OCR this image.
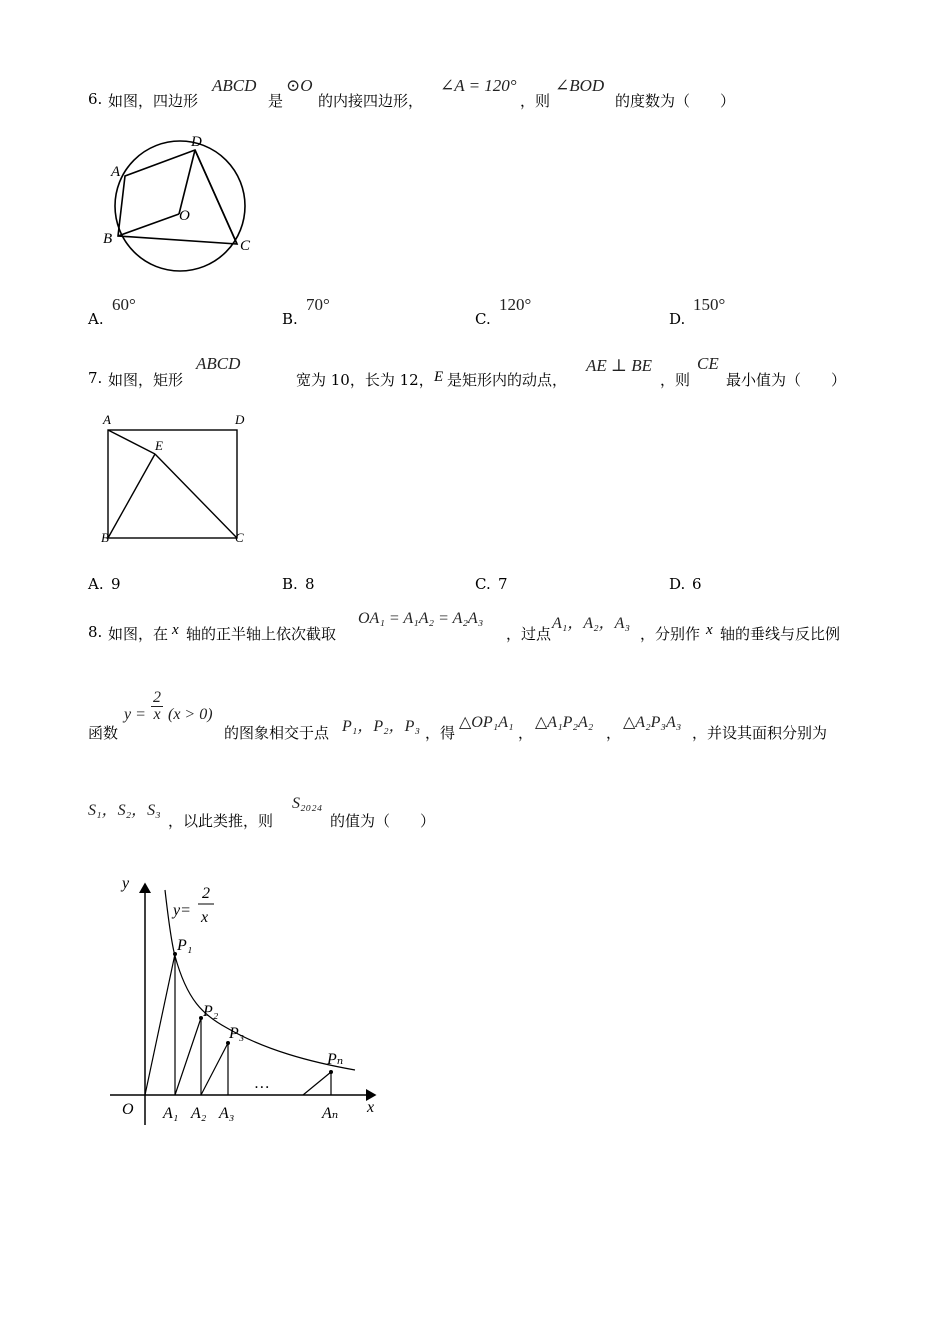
6. 如图，四边形
ABCD
是
⊙O
的内接四边形，
∠A = 120°
，则
∠BOD
的度数为（　　）
A
B	C
D
O
A.
60°
B.
70°
C.
120°
D.
150°
7. 如图，矩形
ABCD
宽为 10，长为 12， E 是矩形内的动点，
AE ⊥ BE
，则
CE
最小值为（　　）
A	D
E
B	C
A. 9	B. 8	C. 7	D. 6
8. 如图，在 x 轴的正半轴上依次截取
OA₁ = A₁A₂ = A₂A₃
，过点
A₁，A₂，A₃
，分别作 x 轴的垂线与反比例
函数
$y = \frac{2}{x} (x > 0)$
的图象相交于点 P₁，P₂，P₃ ，得
△OP₁A₁
，
△A₁P₂A₂
，
△A₂P₃A₃
，并设其面积分别为
S₁，S₂，S₃
，以此类推，则
S₂₀₂₄
的值为（　　）
y
x
O
y=
2
x
P₁
P₂
P₃
Pₙ
…
A₁ A₂ A₃	Aₙ
